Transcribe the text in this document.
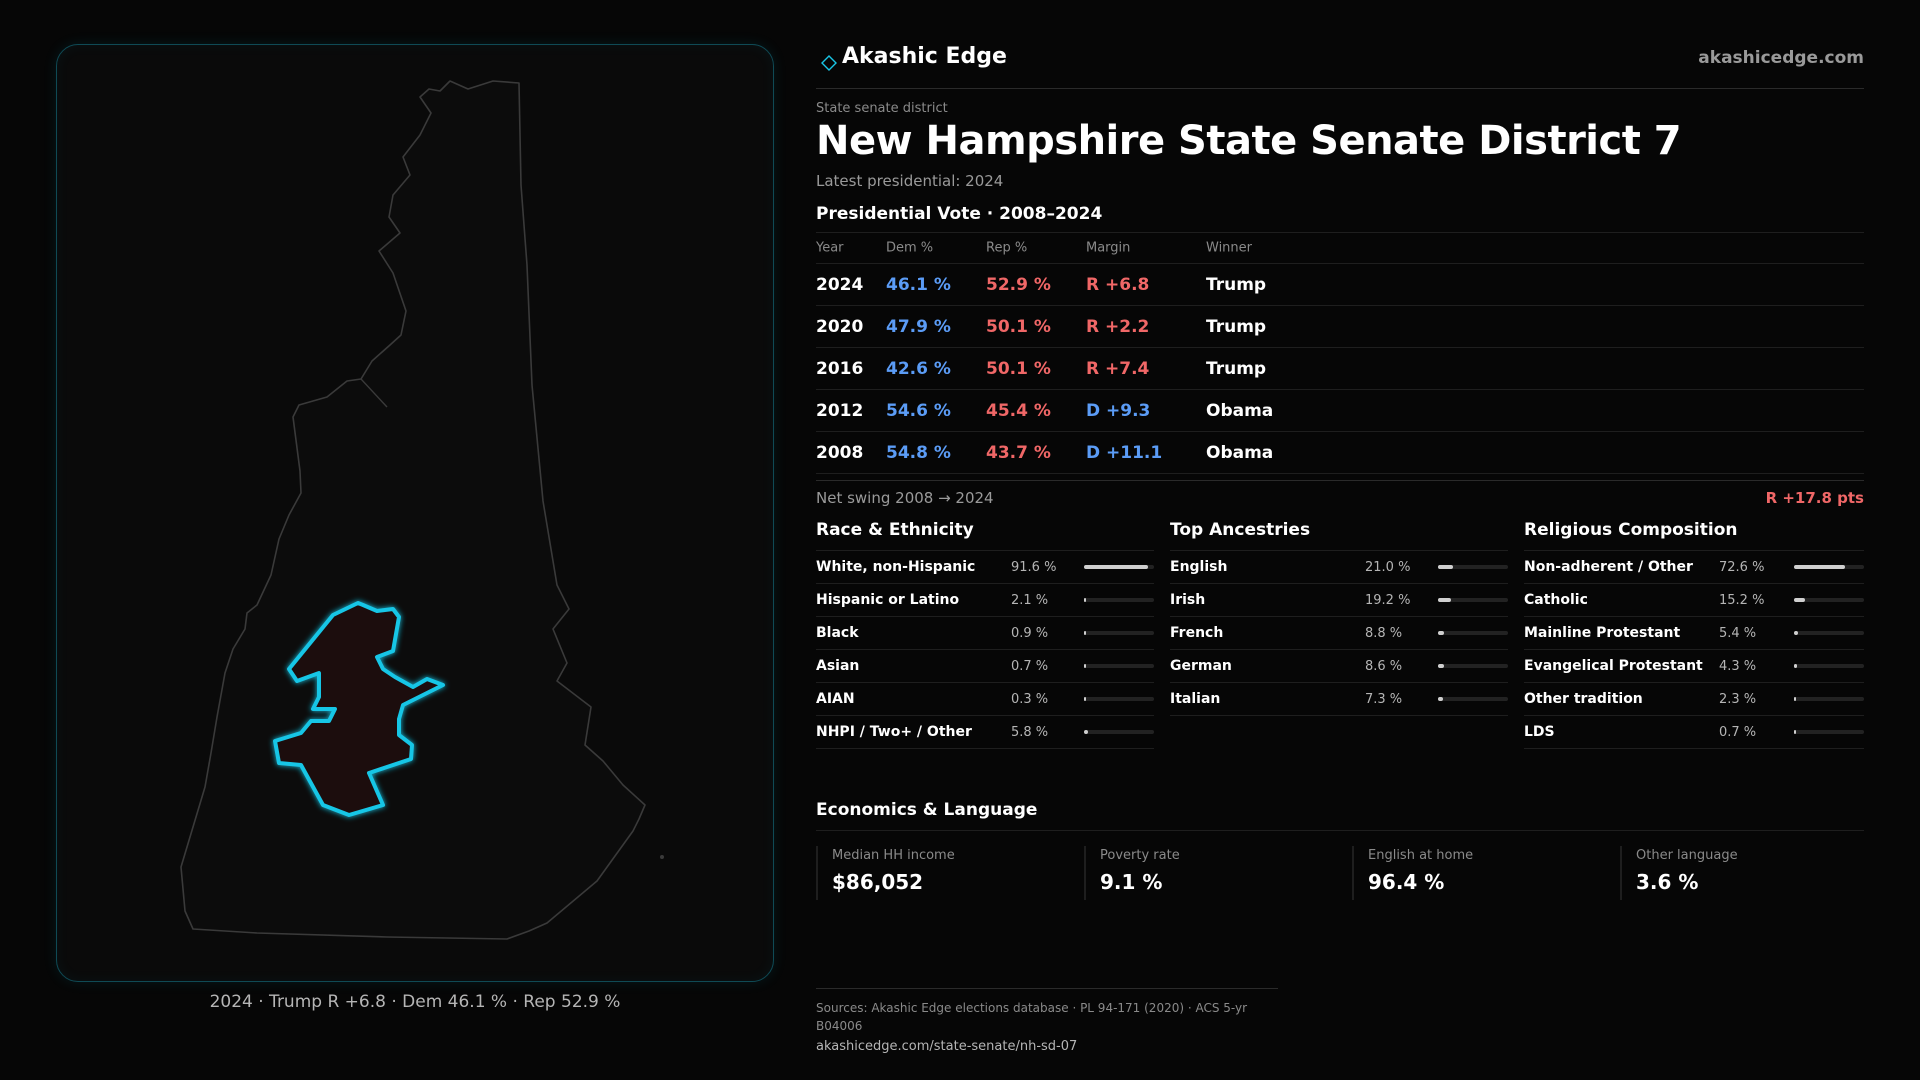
2024 · Trump R +6.8 · Dem 46.1 % · Rep 52.9 %
Akashic Edge	akashicedge.com
State senate district
New Hampshire State Senate District 7
Latest presidential: 2024
Presidential Vote · 2008–2024
Year	Dem %	Rep %	Margin	Winner
2024 46.1 % 52.9 % R +6.8	Trump
2020 47.9 % 50.1 % R +2.2	Trump
2016 42.6 % 50.1 % R +7.4	Trump
2012 54.6 % 45.4 % D +9.3	Obama
2008 54.8 % 43.7 % D +11.1	Obama
Net swing 2008 → 2024	R +17.8 pts
Race & Ethnicity
White, non-Hispanic	91.6 %
Hispanic or Latino	2.1 %
Black	0.9 %
Asian	0.7 %
AIAN	0.3 %
NHPI / Two+ / Other	5.8 %
Top Ancestries
English	21.0 %
Irish	19.2 %
French	8.8 %
German	8.6 %
Italian	7.3 %
Religious Composition
Non-adherent / Other 72.6 %
Catholic	15.2 %
Mainline Protestant	5.4 %
Evangelical Protestant 4.3 %
Other tradition	2.3 %
LDS	0.7 %
Economics & Language
Median HH income
$86,052
Poverty rate
9.1 %
English at home
96.4 %
Other language
3.6 %
Sources: Akashic Edge elections database · PL 94-171 (2020) · ACS 5-yr B04006
akashicedge.com/state-senate/nh-sd-07
